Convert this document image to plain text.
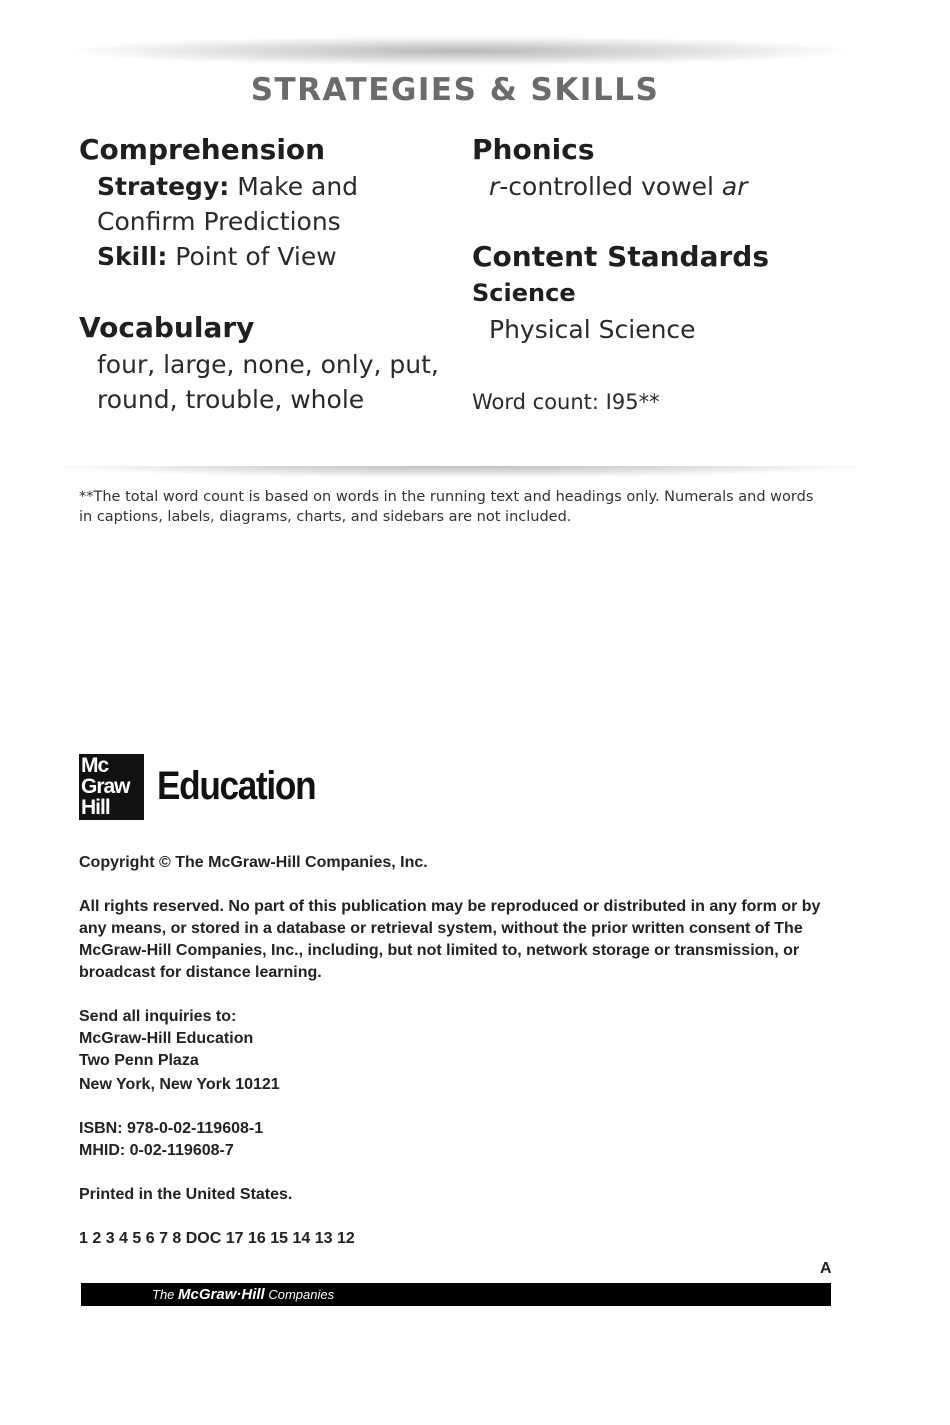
STRATEGIES & SKILLS
Comprehension
Strategy: Make and
Confirm Predictions
Skill: Point of View
Vocabulary
four, large, none, only, put,
round, trouble, whole
Phonics
r-controlled vowel ar
Content Standards
Science
Physical Science
Word count: I95**
**The total word count is based on words in the running text and headings only. Numerals and words
in captions, labels, diagrams, charts, and sidebars are not included.
Mc
Graw
Hill	Education
Copyright © The McGraw-Hill Companies, Inc.
All rights reserved. No part of this publication may be reproduced or distributed in any form or by
any means, or stored in a database or retrieval system, without the prior written consent of The
McGraw-Hill Companies, Inc., including, but not limited to, network storage or transmission, or
broadcast for distance learning.
Send all inquiries to:
McGraw-Hill Education
Two Penn Plaza
New York, New York 10121
ISBN: 978-0-02-119608-1
MHID: 0-02-119608-7
Printed in the United States.
1 2 3 4 5 6 7 8 DOC 17 16 15 14 13 12
A
The McGraw·Hill Companies
